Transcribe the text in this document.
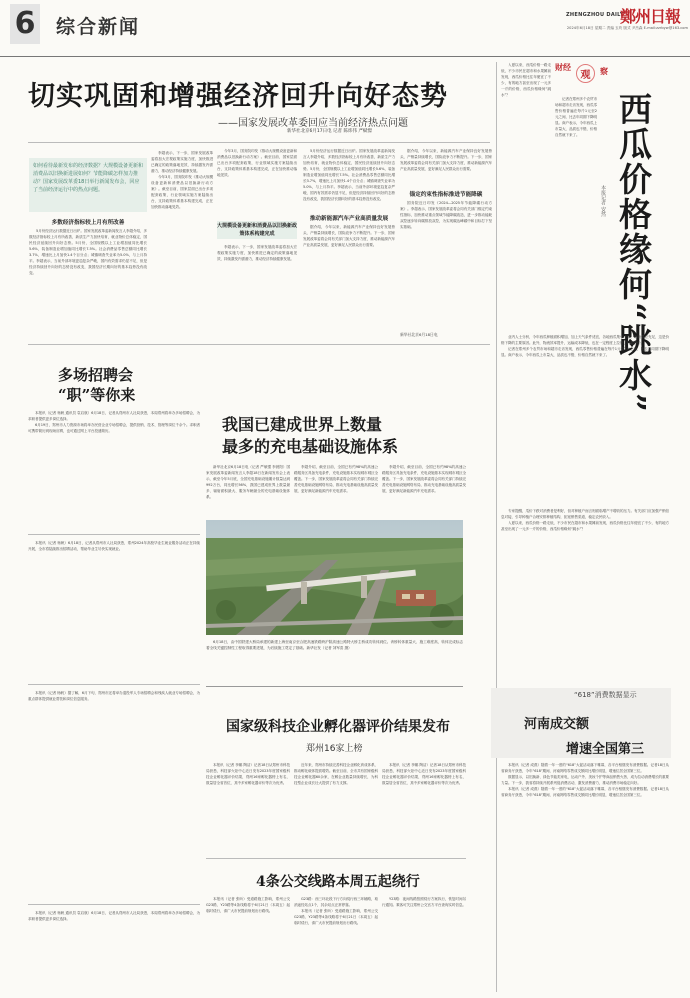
6 综合新闻
ZHENGZHOU DAILY
鄭州日報
2024年6月18日 星期二 责编 玉玫 版式 尹杰森 E-mail:zzrbyw@163.com
切实巩固和增强经济回升向好态势
——国家发展改革委回应当前经济热点问题
新华社北京6月17日电 记者 陈炜伟 严赋憬
如何看待最新发布的经济数据？大规模设备更新和消费品以旧换新进展如何？节能降碳怎样加力推动？国家发展改革委18日举行新闻发布会，回应了当前经济运行中的热点问题。
多数经济指标较上月有所改善

5月份经济运行数据近日出炉。国家发展改革委新闻发言人李超介绍，多数经济指标较上月有所改善，新质生产力加快培育，就业物价总体稳定，国民经济延续回升向好态势。5月份，全国规模以上工业增加值同比增长5.6%，装备制造业增加值同比增长7.5%。社会消费品零售总额同比增长3.7%，增速比上月加快1.4个百分点；城镇调查失业率为5.0%，与上月持平。李超表示，当前外部环境更趋复杂严峻，国内有效需求仍显不足，但是经济持续回升向好的态势没有改变，我国经济长期向好的基本趋势没有改变。

李超表示，下一步，国家发展改革委将加大宏观政策实施力度，加快推进已确定的政策落地见效，持续激发内需潜力，推动经济持续健康发展。

今年3月，国务院印发《推动大规模设备更新和消费品以旧换新行动方案》。截至目前，国家层面已出台多项配套政策，行业领域实施方案陆续出台，支持政策体系基本构建完成，正在加快推动落地见效。

今年3月，国务院印发《推动大规模设备更新和消费品以旧换新行动方案》。截至目前，国家层面已出台多项配套政策，行业领域实施方案陆续出台，支持政策体系基本构建完成，正在加快推动落地见效。

大规模设备更新和消费品以旧换新政策体系构建完成

李超表示，下一步，国家发展改革委将加大宏观政策实施力度，加快推进已确定的政策落地见效，持续激发内需潜力，推动经济持续健康发展。

5月份经济运行数据近日出炉。国家发展改革委新闻发言人李超介绍，多数经济指标较上月有所改善，新质生产力加快培育，就业物价总体稳定，国民经济延续回升向好态势。5月份，全国规模以上工业增加值同比增长5.6%，装备制造业增加值同比增长7.5%。社会消费品零售总额同比增长3.7%，增速比上月加快1.4个百分点；城镇调查失业率为5.0%，与上月持平。李超表示，当前外部环境更趋复杂严峻，国内有效需求仍显不足，但是经济持续回升向好的态势没有改变，我国经济长期向好的基本趋势没有改变。

推动新能源汽车产业高质量发展

据介绍，今年以来，新能源汽车产业保持良好发展势头，产销量持续增长，国际竞争力不断提升。下一步，国家发展改革委将会同有关部门加大支持力度，推动新能源汽车产业高质量发展，更好满足人民群众出行需要。

据介绍，今年以来，新能源汽车产业保持良好发展势头，产销量持续增长，国际竞争力不断提升。下一步，国家发展改革委将会同有关部门加大支持力度，推动新能源汽车产业高质量发展，更好满足人民群众出行需要。

锚定约束性指标推进节能降碳

国务院近日印发《2024—2025年节能降碳行动方案》。李超表示，国家发展改革委将会同有关部门锚定约束性指标，加快推动重点领域节能降碳改造，进一步推动能耗双控逐步转向碳排放双控，为实现碳达峰碳中和目标打下坚实基础。

新华社北京6月18日电
多场招聘会
“职”等你来

本报讯（记者 杨帆 通讯员 袁启航）6月18日，记者从郑州市人社局获悉，本周郑州将举办多场招聘会，为求职者提供更多岗位选择。

6月19日，郑州市人力资源市场将举办民营企业专场招聘会，提供营销、技术、管理等岗位千余个。求职者可携带简历到现场应聘，也可通过网上平台投递简历。

本报讯（记者 杨帆）6月18日，记者从郑州市人社局获悉，郑州2024年高校毕业生就业服务活动正在持续开展，全市将陆续推出招聘活动，帮助毕业生尽快实现就业。

本报讯（记者 杨帆）据了解，6月下旬，郑州市还将举办退役军人专场招聘会和残疾人就业专场招聘会，为重点群体提供就业帮扶和岗位信息服务。

本报讯（记者 杨帆 通讯员 袁启航）6月18日，记者从郑州市人社局获悉，本周郑州将举办多场招聘会，为求职者提供更多岗位选择。

我国已建成世界上数量
最多的充电基础设施体系

新华社北京6月18日电（记者 严赋憬 李晨阳）国家发展改革委新闻发言人李超18日在新闻发布会上表示，截至今年5月底，全国充电基础设施累计数量达到992万台，同比增长56%，我国已建成世界上数量最多、辐射面积最大、服务车辆最全的充电基础设施体系。

李超介绍，截至目前，全国已有约98%的高速公路服务区具备充电条件，充电设施基本实现城市城区全覆盖。下一步，国家发展改革委将会同有关部门持续完善充电基础设施网络布局，推动充电基础设施高质量发展，更好满足新能源汽车充电需求。

李超介绍，截至目前，全国已有约98%的高速公路服务区具备充电条件，充电设施基本实现城市城区全覆盖。下一步，国家发展改革委将会同有关部门持续完善充电基础设施网络布局，推动充电基础设施高质量发展，更好满足新能源汽车充电需求。

6月18日，由中国铁建大桥局承建的新建上海至南京至合肥高速铁路跨沪陕高速公路特大桥主桥成功转体到位。该桥转体重量大、施工难度高，转体完成标志着全线关键控制性工程取得重要进展，为后续施工奠定了基础。新华社发（记者 刘军喜 摄）

国家级科技企业孵化器评价结果发布
郑州16家上榜

本报讯（记者 李娜 陶洁）记者18日从郑州市科技局获悉，科技部火炬中心近日发布2023年度国家级科技企业孵化器评价结果，郑州16家孵化器榜上有名，数量居全省首位，其中多家孵化器评价等次为优秀。

近年来，郑州市持续完善科技企业孵化育成体系，推动孵化载体提质增效。截至目前，全市共有国家级科技企业孵化器60余家，在孵企业数量持续增长，为科技型企业成长壮大提供了有力支撑。

本报讯（记者 李娜 陶洁）记者18日从郑州市科技局获悉，科技部火炬中心近日发布2023年度国家级科技企业孵化器评价结果，郑州16家孵化器榜上有名，数量居全省首位，其中多家孵化器评价等次为优秀。

4条公交线路本周五起绕行

本报讯（记者 张昕）受道路施工影响，郑州公交G23路、Y23路等4条线路将于6月21日（本周五）起临时绕行，请广大市民提前规划出行路线。

G23路：西三环北段下行方向绕行西三环辅路，取消途经站点1个，其余站点正常停靠。

本报讯（记者 张昕）受道路施工影响，郑州公交G23路、Y23路等4条线路将于6月21日（本周五）起临时绕行，请广大市民提前规划出行路线。

Y23路：夜间线路按照绕行方案执行，恢复时间另行通知。乘客可关注郑州公交官方平台查询实时信息。

财经
观	察
西瓜价格缘何“跳水”
本报记者 安然

入夏以来，西瓜价格一路走低，不少市民在超市和水果摊前发现，西瓜价格比往年便宜了不少，有的地方甚至出现了一元多一斤的价格，西瓜价格缘何“跳水”？

记者在郑州多个农贸市场和超市走访发现，西瓜零售价格普遍在每斤1元至2元之间，比去年同期下降明显。商户表示，今年西瓜上市量大，品质也不错，价格自然就下来了。

业内人士分析，今年西瓜种植面积增加，加上天气条件适宜，各地西瓜集中上市，市场供应充足，这是价格下降的主要原因。此外，物流效率提升，运输成本降低，也在一定程度上拉低了终端售价。

记者在郑州多个农贸市场和超市走访发现，西瓜零售价格普遍在每斤1元至2元之间，比去年同期下降明显。商户表示，今年西瓜上市量大，品质也不错，价格自然就下来了。

专家提醒，瓜价下跌对消费者是利好，但对种植户而言则面临增产不增收的压力。有关部门应加强产销信息对接，引导种植户合理安排种植结构，拓宽销售渠道，稳定农民收入。

入夏以来，西瓜价格一路走低，不少市民在超市和水果摊前发现，西瓜价格比往年便宜了不少，有的地方甚至出现了一元多一斤的价格，西瓜价格缘何“跳水”？

“618”消费数据显示
河南成交额
增速全国第三

本报讯（记者 成燕）随着一年一度的“618”大促活动落下帷幕，各平台相继发布消费数据。记者18日从省商务厅获悉，今年“618”期间，河南网络零售成交额同比增长明显，增速位居全国第三位。

数据显示，以旧换新、绿色节能类家电，运动户外、美妆个护等商品销售火热，成为拉动消费增长的重要力量。下一步，我省将持续开展系列促消费活动，激发消费潜力，推动消费市场稳定向好。

本报讯（记者 成燕）随着一年一度的“618”大促活动落下帷幕，各平台相继发布消费数据。记者18日从省商务厅获悉，今年“618”期间，河南网络零售成交额同比增长明显，增速位居全国第三位。
